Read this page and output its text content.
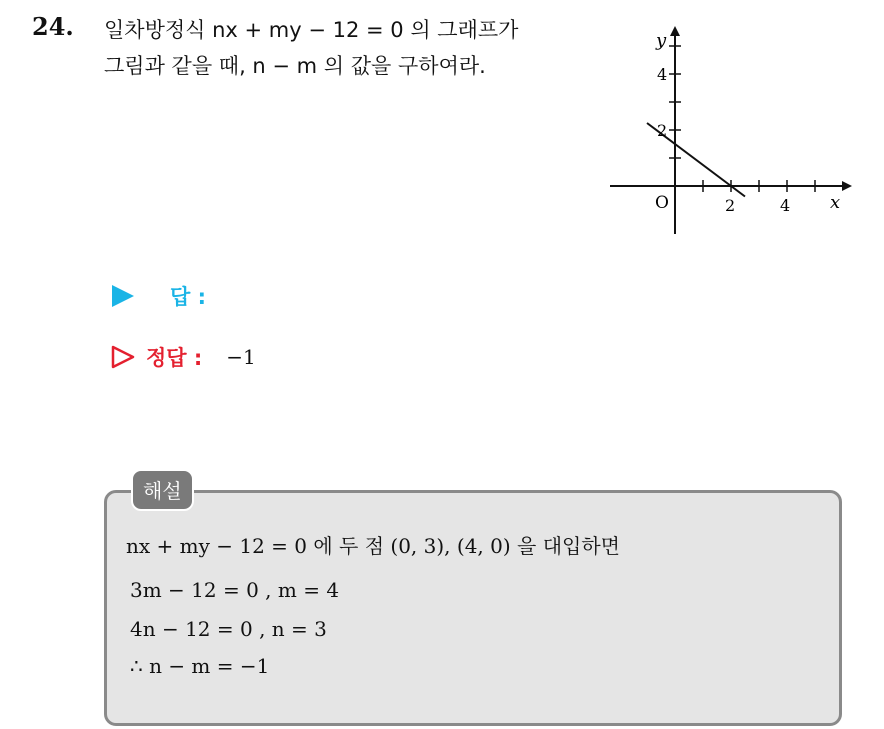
24. 일차방정식 nx + my − 12 = 0 의 그래프가

그림과 같을 때, n − m 의 값을 구하여라.

y
x
O	2	4
2
4
답 :
정답 : −1
해설
nx + my − 12 = 0 에 두 점 (0, 3), (4, 0) 을 대입하면
3m − 12 = 0 , m = 4
4n − 12 = 0 , n = 3
∴ n − m = −1
